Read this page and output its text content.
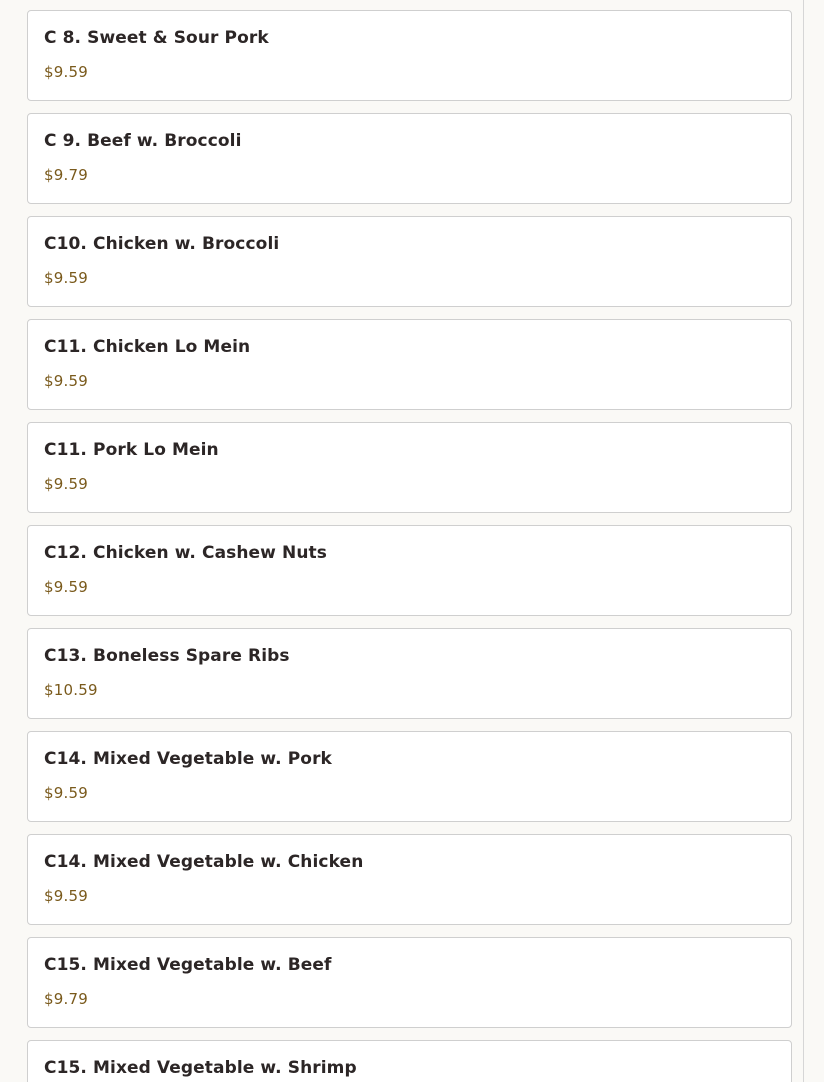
C 8. Sweet & Sour Pork
$9.59
C 9. Beef w. Broccoli
$9.79
C10. Chicken w. Broccoli
$9.59
C11. Chicken Lo Mein
$9.59
C11. Pork Lo Mein
$9.59
C12. Chicken w. Cashew Nuts
$9.59
C13. Boneless Spare Ribs
$10.59
C14. Mixed Vegetable w. Pork
$9.59
C14. Mixed Vegetable w. Chicken
$9.59
C15. Mixed Vegetable w. Beef
$9.79
C15. Mixed Vegetable w. Shrimp
